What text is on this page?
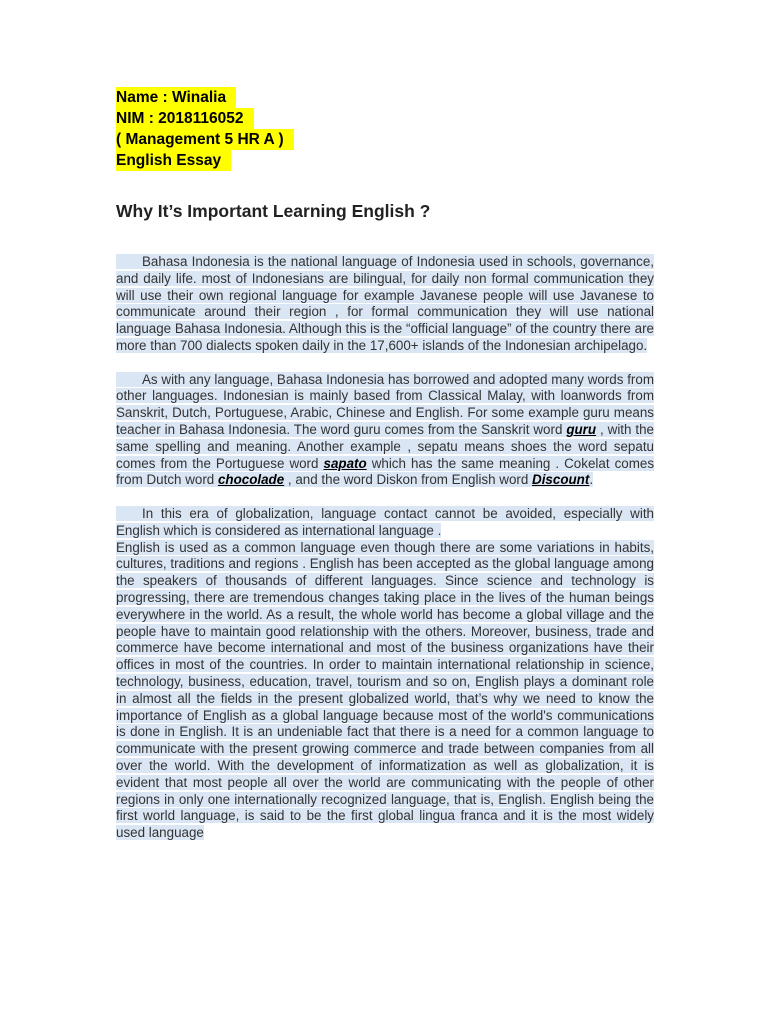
Name : Winalia
NIM : 2018116052
( Management 5 HR A )
English Essay
Why It’s Important Learning English ?

Bahasa Indonesia is the national language of Indonesia used in schools, governance, and daily life. most of Indonesians are bilingual, for daily non formal communication they will use their own regional language for example Javanese people will use Javanese to communicate around their region , for formal communication they will use national language Bahasa Indonesia. Although this is the “official language” of the country there are more than 700 dialects spoken daily in the 17,600+ islands of the Indonesian archipelago.

As with any language, Bahasa Indonesia has borrowed and adopted many words from other languages. Indonesian is mainly based from Classical Malay, with loanwords from Sanskrit, Dutch, Portuguese, Arabic, Chinese and English. For some example guru means teacher in Bahasa Indonesia. The word guru comes from the Sanskrit word guru , with the same spelling and meaning. Another example , sepatu means shoes the word sepatu comes from the Portuguese word sapato which has the same meaning . Cokelat comes from Dutch word chocolade , and the word Diskon from English word Discount.

In this era of globalization, language contact cannot be avoided, especially with English which is considered as international language .

English is used as a common language even though there are some variations in habits, cultures, traditions and regions . English has been accepted as the global language among the speakers of thousands of different languages. Since science and technology is progressing, there are tremendous changes taking place in the lives of the human beings everywhere in the world. As a result, the whole world has become a global village and the people have to maintain good relationship with the others. Moreover, business, trade and commerce have become international and most of the business organizations have their offices in most of the countries. In order to maintain international relationship in science, technology, business, education, travel, tourism and so on, English plays a dominant role in almost all the fields in the present globalized world, that’s why we need to know the importance of English as a global language because most of the world's communications is done in English. It is an undeniable fact that there is a need for a common language to communicate with the present growing commerce and trade between companies from all over the world. With the development of informatization as well as globalization, it is evident that most people all over the world are communicating with the people of other regions in only one internationally recognized language, that is, English. English being the first world language, is said to be the first global lingua franca and it is the most widely used language
